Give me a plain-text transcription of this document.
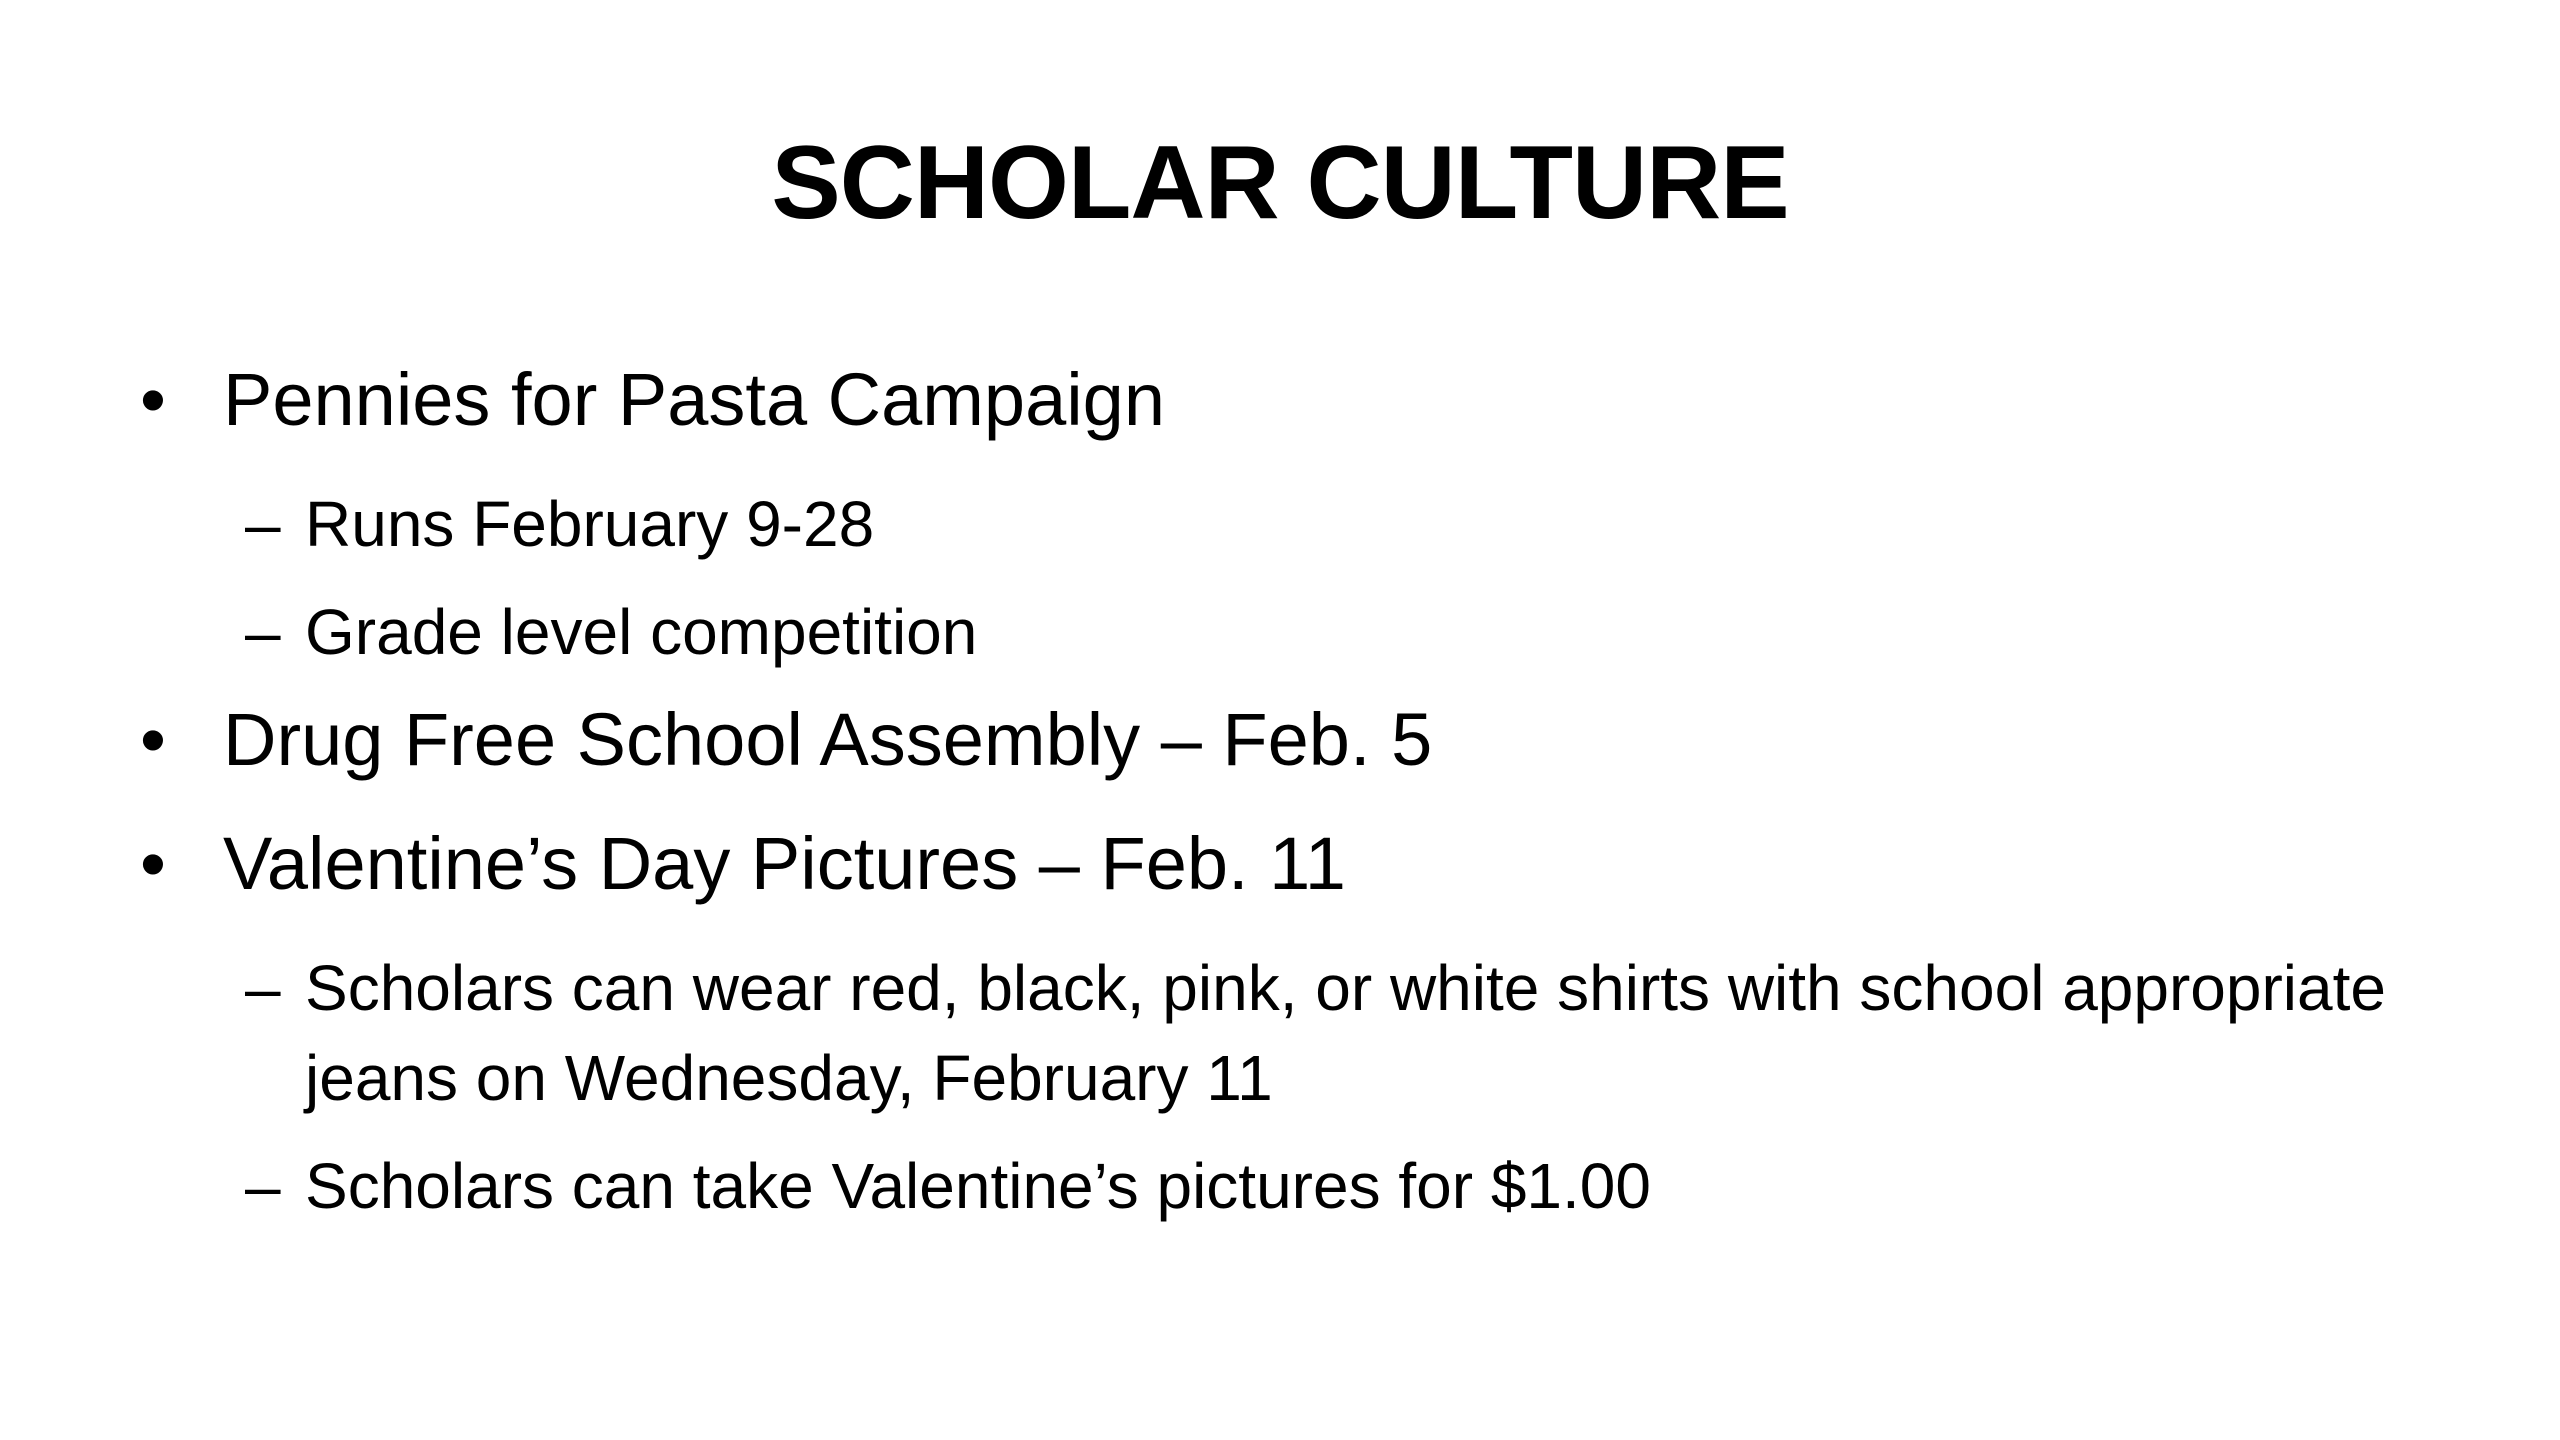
SCHOLAR CULTURE
• Pennies for Pasta Campaign
– Runs February 9-28
– Grade level competition
• Drug Free School Assembly – Feb. 5
• Valentine’s Day Pictures – Feb. 11
– Scholars can wear red, black, pink, or white shirts with school appropriate jeans on Wednesday, February 11
– Scholars can take Valentine’s pictures for $1.00
